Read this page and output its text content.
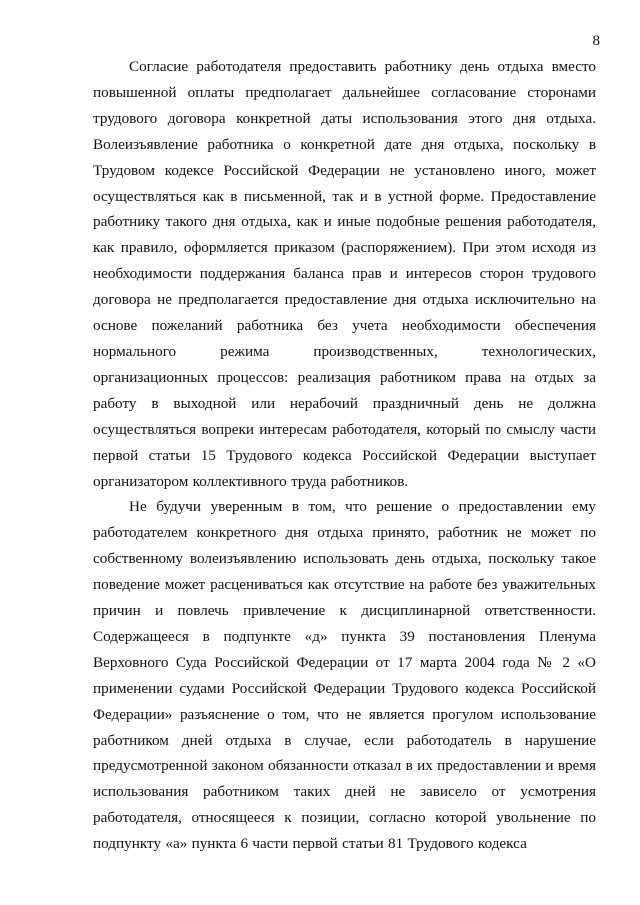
8

Согласие работодателя предоставить работнику день отдыха вместо повышенной оплаты предполагает дальнейшее согласование сторонами трудового договора конкретной даты использования этого дня отдыха. Волеизъявление работника о конкретной дате дня отдыха, поскольку в Трудовом кодексе Российской Федерации не установлено иного, может осуществляться как в письменной, так и в устной форме. Предоставление работнику такого дня отдыха, как и иные подобные решения работодателя, как правило, оформляется приказом (распоряжением). При этом исходя из необходимости поддержания баланса прав и интересов сторон трудового договора не предполагается предоставление дня отдыха исключительно на основе пожеланий работника без учета необходимости обеспечения нормального режима производственных, технологических, организационных процессов: реализация работником права на отдых за работу в выходной или нерабочий праздничный день не должна осуществляться вопреки интересам работодателя, который по смыслу части первой статьи 15 Трудового кодекса Российской Федерации выступает организатором коллективного труда работников.

Не будучи уверенным в том, что решение о предоставлении ему работодателем конкретного дня отдыха принято, работник не может по собственному волеизъявлению использовать день отдыха, поскольку такое поведение может расцениваться как отсутствие на работе без уважительных причин и повлечь привлечение к дисциплинарной ответственности. Содержащееся в подпункте «д» пункта 39 постановления Пленума Верховного Суда Российской Федерации от 17 марта 2004 года № 2 «О применении судами Российской Федерации Трудового кодекса Российской Федерации» разъяснение о том, что не является прогулом использование работником дней отдыха в случае, если работодатель в нарушение предусмотренной законом обязанности отказал в их предоставлении и время использования работником таких дней не зависело от усмотрения работодателя, относящееся к позиции, согласно которой увольнение по подпункту «а» пункта 6 части первой статьи 81 Трудового кодекса
